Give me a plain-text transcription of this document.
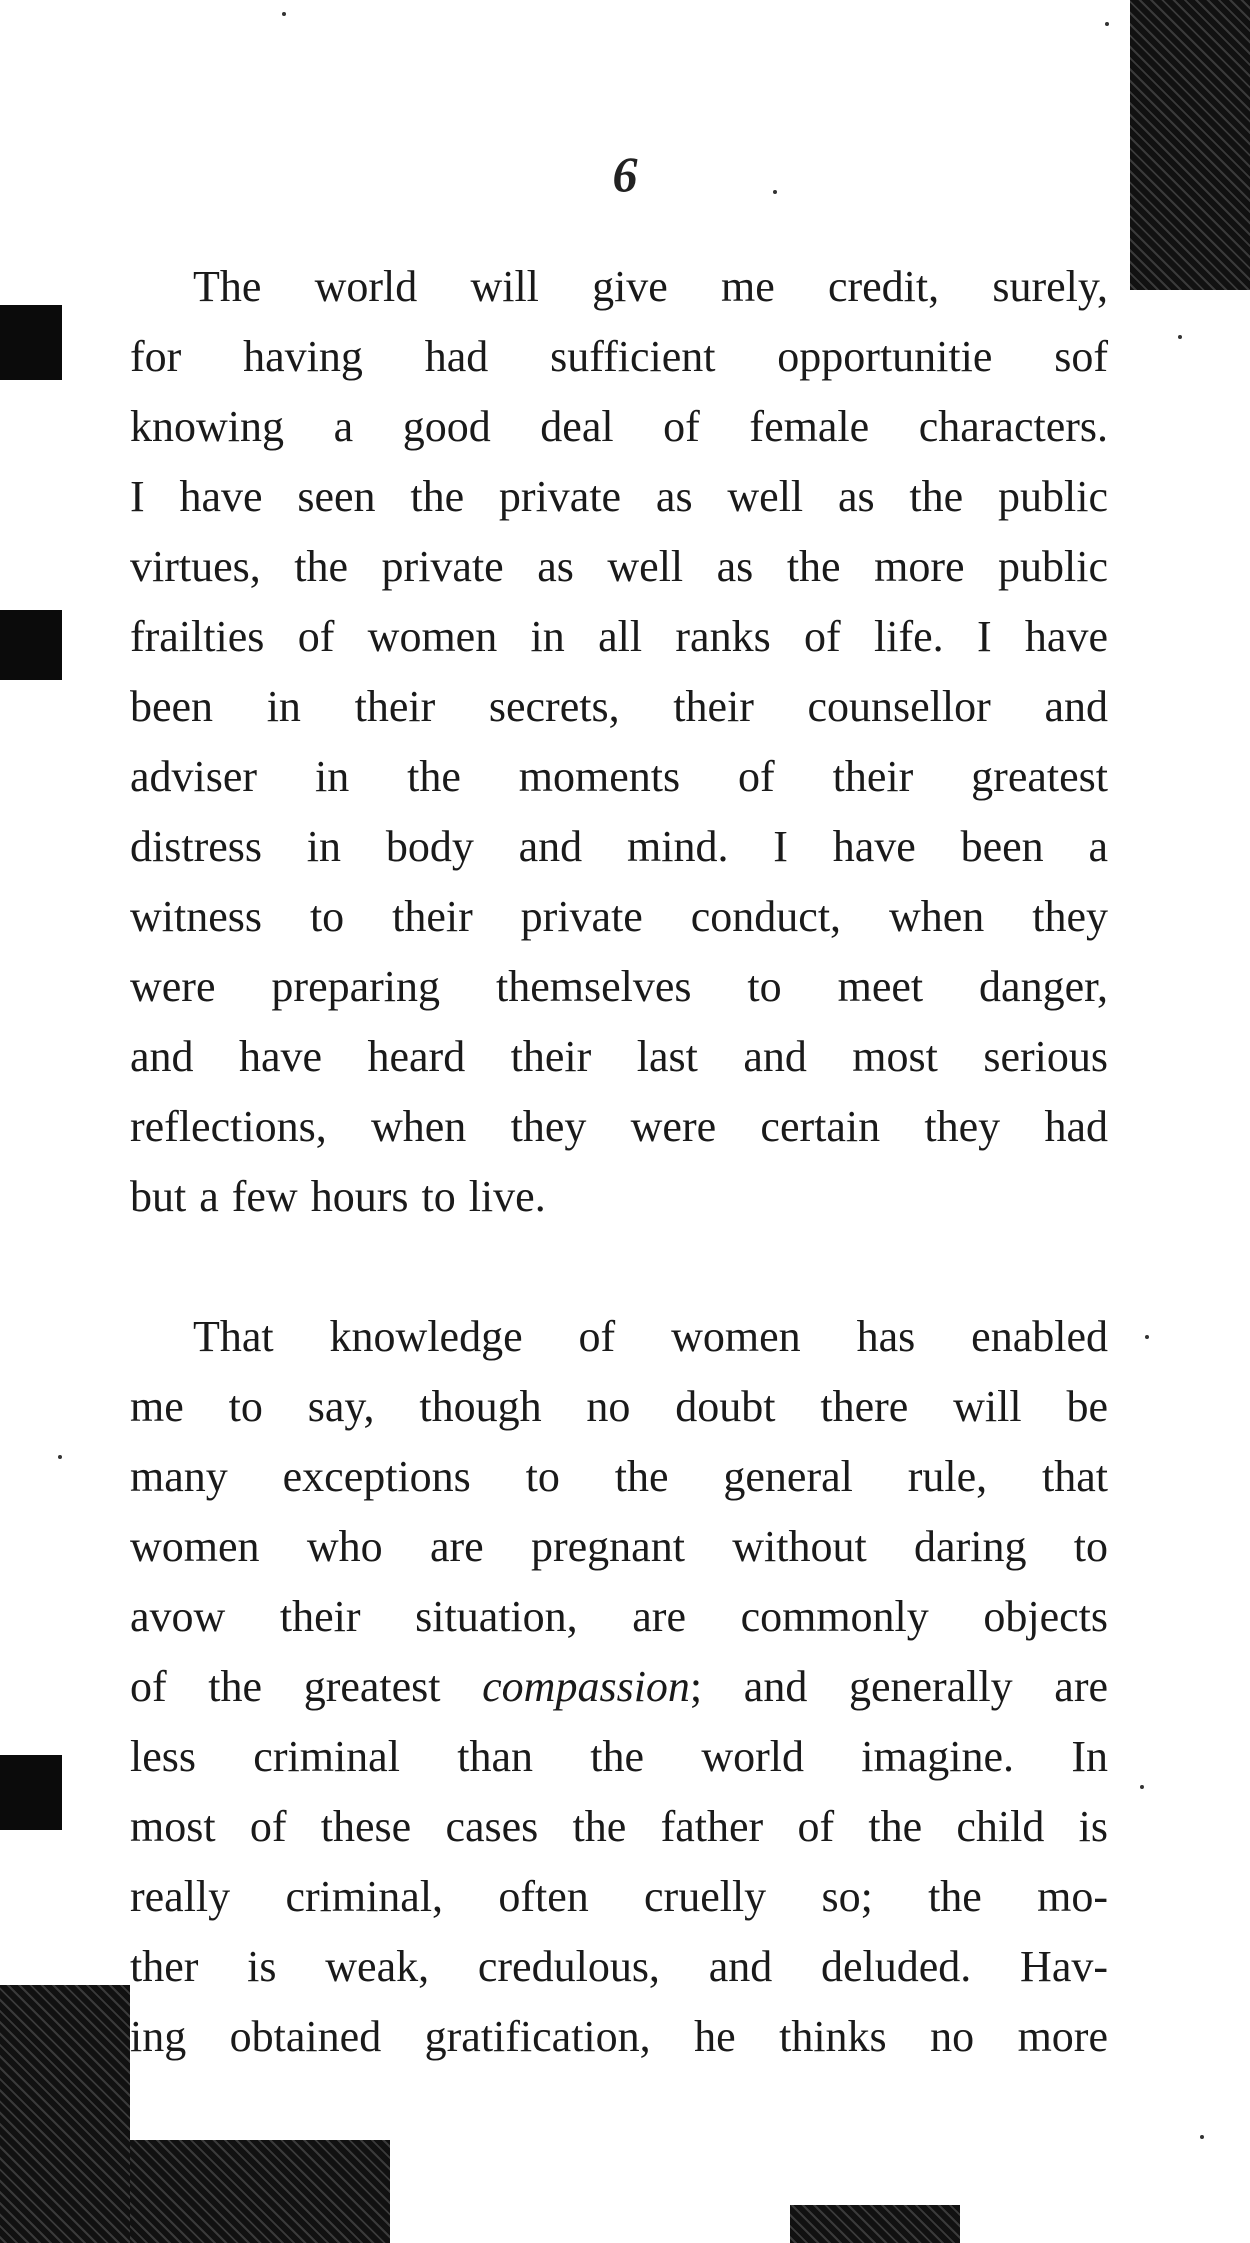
6
The world will give me credit, surely,
for having had sufficient opportunitie sof
knowing a good deal of female characters.
I have seen the private as well as the public
virtues, the private as well as the more public
frailties of women in all ranks of life. I have
been in their secrets, their counsellor and
adviser in the moments of their greatest
distress in body and mind. I have been a
witness to their private conduct, when they
were preparing themselves to meet danger,
and have heard their last and most serious
reflections, when they were certain they had
but a few hours to live.
That knowledge of women has enabled
me to say, though no doubt there will be
many exceptions to the general rule, that
women who are pregnant without daring to
avow their situation, are commonly objects
of the greatest compassion; and generally are
less criminal than the world imagine. In
most of these cases the father of the child is
really criminal, often cruelly so; the mo-
ther is weak, credulous, and deluded. Hav-
ing obtained gratification, he thinks no more
